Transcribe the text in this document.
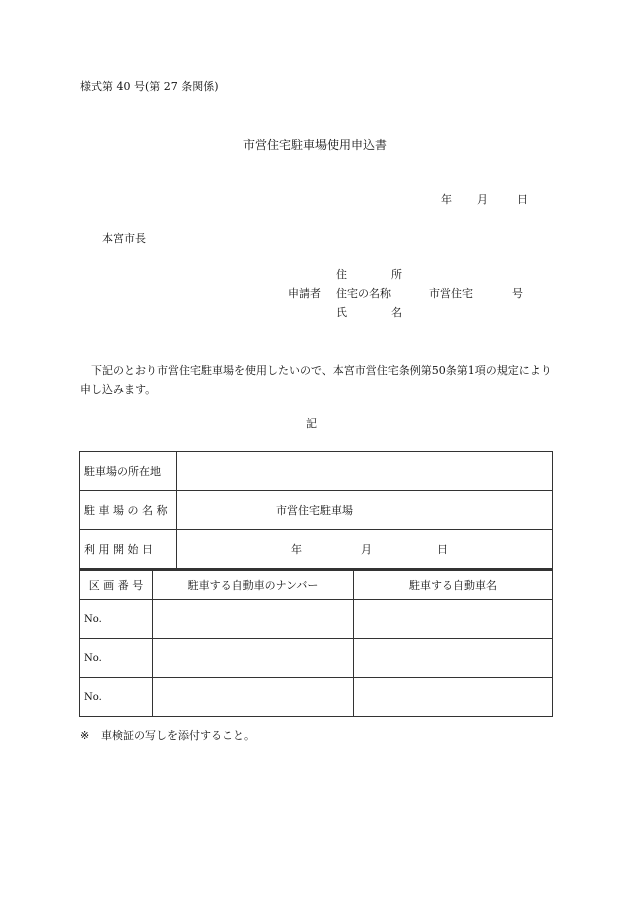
様式第 40 号(第 27 条関係)
市営住宅駐車場使用申込書
年 月	日
本宮市長
申請者
住	所
住宅の名称	市営住宅	号
氏	名
下記のとおり市営住宅駐車場を使用したいので、本宮市営住宅条例第50条第1項の規定により申し込みます。
記
駐車場の所在地	
駐 車 場 の 名 称	市営住宅駐車場
利 用 開 始 日	年 月 日
区 画 番 号	駐車する自動車のナンバー	駐車する自動車名
No.		
No.		
No.		
※ 車検証の写しを添付すること。
